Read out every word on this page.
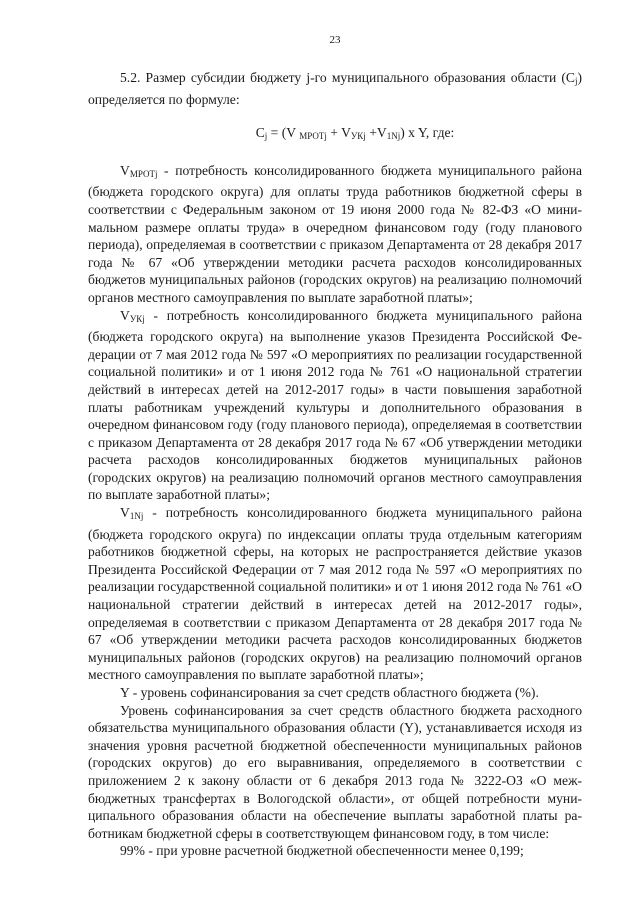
23

5.2. Размер субсидии бюджету j-го муниципального образования области $(C_j)$ определяется по формуле:

$C_j = (V$ $_{МРОТj} + V_{УКj} +V_{1Nj}$) x Y, где:

$V_{МРОТj}$ - потребность консолидированного бюджета муниципального района (бюджета городского округа) для оплаты труда работников бюджетной сферы в соответствии с Федеральным законом от 19 июня 2000 года № 82-ФЗ «О минимальном размере оплаты труда» в очередном финансовом году (году планового периода), определяемая в соответствии с приказом Департамента от 28 декабря 2017 года № 67 «Об утверждении методики расчета расходов консолидированных бюджетов муниципальных районов (городских округов) на реализацию полномочий органов местного самоуправления по выплате заработной платы»;

$V_{УКj}$ - потребность консолидированного бюджета муниципального района (бюджета городского округа) на выполнение указов Президента Российской Федерации от 7 мая 2012 года № 597 «О мероприятиях по реализации государственной социальной политики» и от 1 июня 2012 года № 761 «О национальной стратегии действий в интересах детей на 2012-2017 годы» в части повышения заработной платы работникам учреждений культуры и дополнительного образования в очередном финансовом году (году планового периода), определяемая в соответствии с приказом Департамента от 28 декабря 2017 года № 67 «Об утверждении методики расчета расходов консолидированных бюджетов муниципальных районов (городских округов) на реализацию полномочий органов местного самоуправления по выплате заработной платы»;

$V_{1Nj}$ - потребность консолидированного бюджета муниципального района (бюджета городского округа) по индексации оплаты труда отдельным категориям работников бюджетной сферы, на которых не распространяется действие указов Президента Российской Федерации от 7 мая 2012 года № 597 «О мероприятиях по реализации государственной социальной политики» и от 1 июня 2012 года № 761 «О национальной стратегии действий в интересах детей на 2012-2017 годы», определяемая в соответствии с приказом Департамента от 28 декабря 2017 года № 67 «Об утверждении методики расчета расходов консолидированных бюджетов муниципальных районов (городских округов) на реализацию полномочий органов местного самоуправления по выплате заработной платы»;

Y - уровень софинансирования за счет средств областного бюджета (%).

Уровень софинансирования за счет средств областного бюджета расходного обязательства муниципального образования области (Y), устанавливается исходя из значения уровня расчетной бюджетной обеспеченности муниципальных районов (городских округов) до его выравнивания, определяемого в соответствии с приложением 2 к закону области от 6 декабря 2013 года № 3222-ОЗ «О межбюджетных трансфертах в Вологодской области», от общей потребности муниципального образования области на обеспечение выплаты заработной платы работникам бюджетной сферы в соответствующем финансовом году, в том числе:

99% - при уровне расчетной бюджетной обеспеченности менее 0,199;
